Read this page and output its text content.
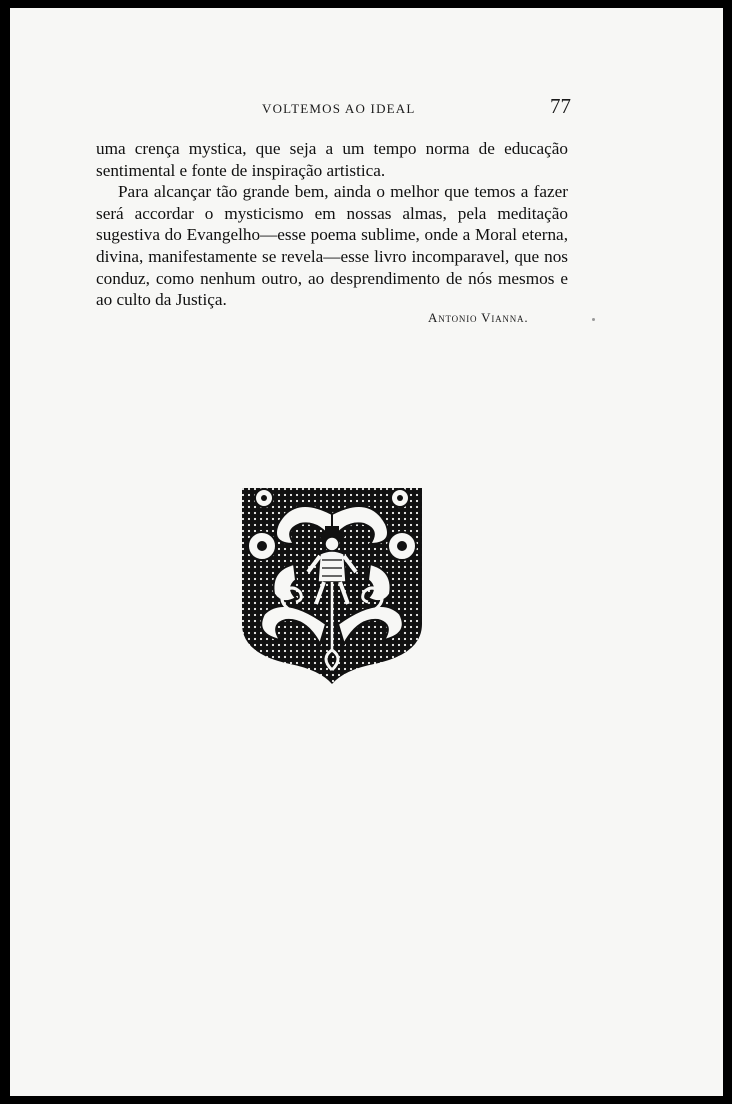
VOLTEMOS AO IDEAL	77

uma crença mystica, que seja a um tempo norma de educação sentimental e fonte de inspiração artistica.

Para alcançar tão grande bem, ainda o melhor que temos a fazer será accordar o mysticismo em nossas almas, pela meditação sugestiva do Evangelho—esse poema sublime, onde a Moral eterna, divina, manifestamente se revela—esse livro incomparavel, que nos conduz, como nenhum outro, ao desprendimento de nós mesmos e ao culto da Justiça.

Antonio Vianna.
